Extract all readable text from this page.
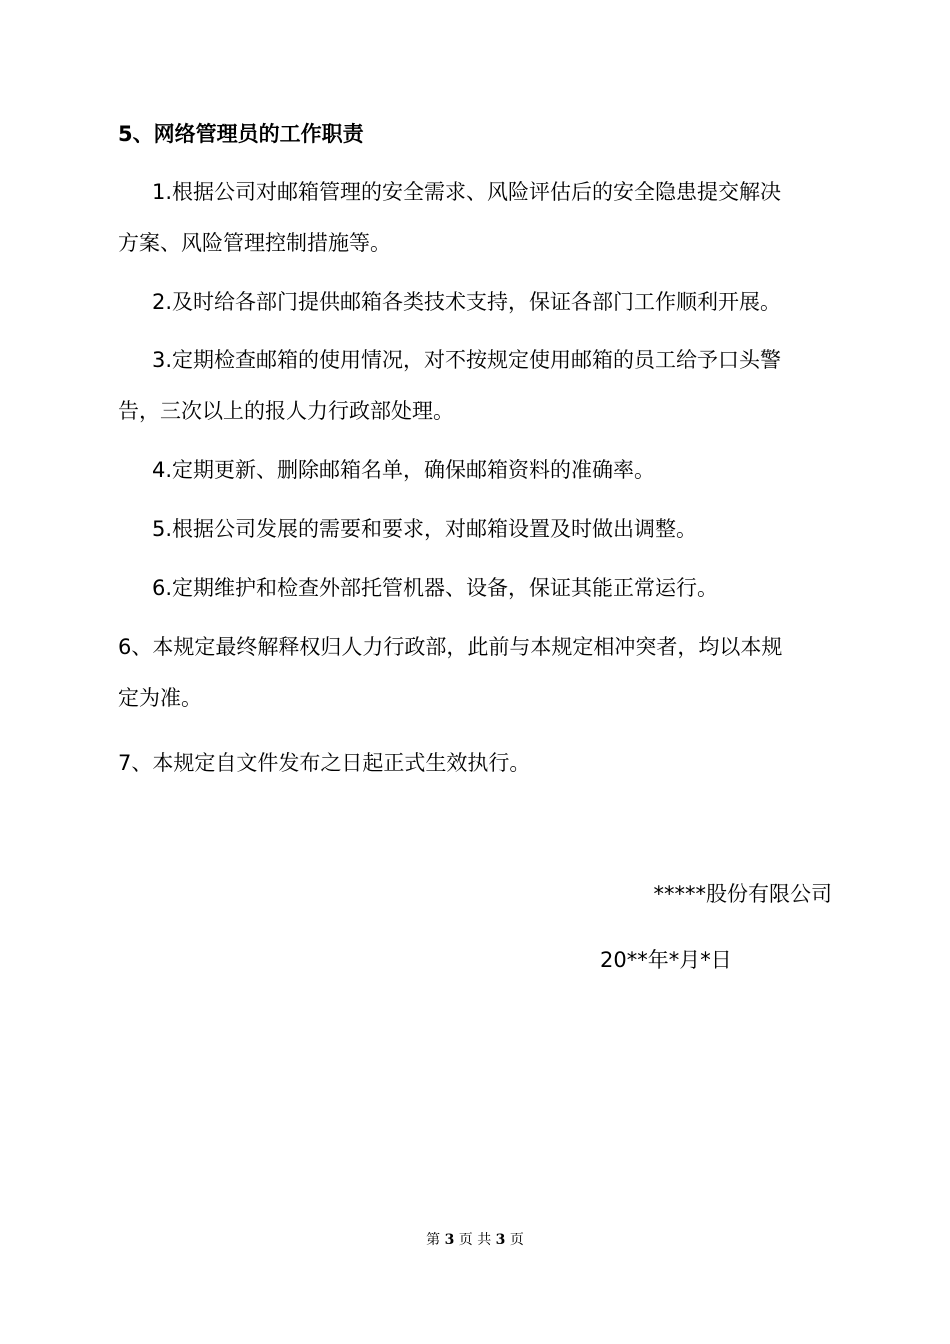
5、网络管理员的工作职责
1.根据公司对邮箱管理的安全需求、风险评估后的安全隐患提交解决
方案、风险管理控制措施等。
2.及时给各部门提供邮箱各类技术支持，保证各部门工作顺利开展。
3.定期检查邮箱的使用情况，对不按规定使用邮箱的员工给予口头警
告，三次以上的报人力行政部处理。
4.定期更新、删除邮箱名单，确保邮箱资料的准确率。
5.根据公司发展的需要和要求，对邮箱设置及时做出调整。
6.定期维护和检查外部托管机器、设备，保证其能正常运行。
6、本规定最终解释权归人力行政部，此前与本规定相冲突者，均以本规
定为准。
7、本规定自文件发布之日起正式生效执行。
*****股份有限公司
20**年*月*日
第 3 页 共 3 页
